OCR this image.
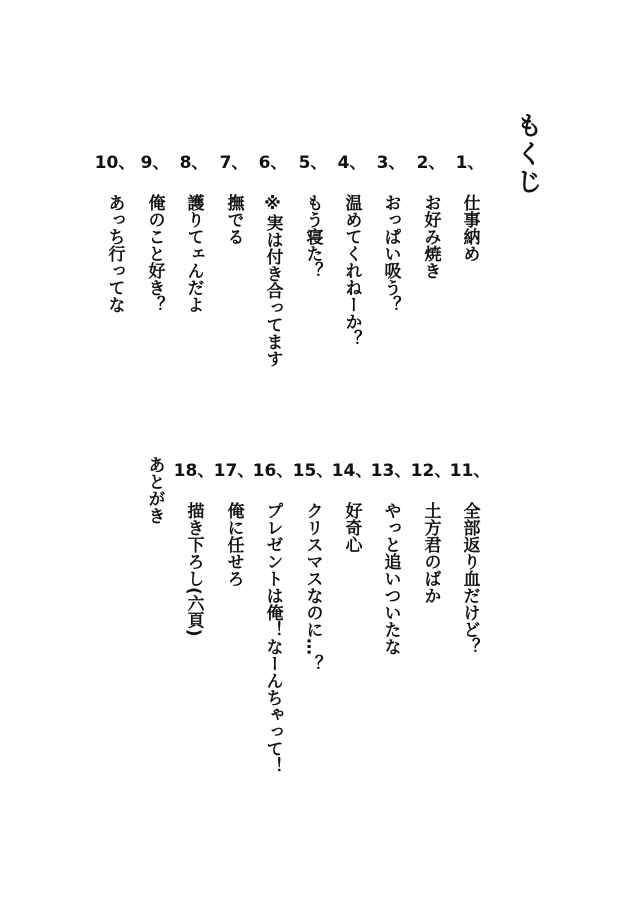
もくじ
1、
仕事納め
2、
お好み焼き
3、
おっぱい吸う？
4、
温めてくれねーか？
5、
もう寝た？
6、
※実は付き合ってます
7、
撫でる
8、
護りてェんだよ
9、
俺のこと好き？
10、
あっち行ってな
11、
全部返り血だけど？
12、
土方君のばか
13、
やっと追いついたな
14、
好奇心
15、
クリスマスなのに…？
16、
プレゼントは俺！なーんちゃって！
17、
俺に任せろ
18、
描き下ろし(六頁)
あとがき
